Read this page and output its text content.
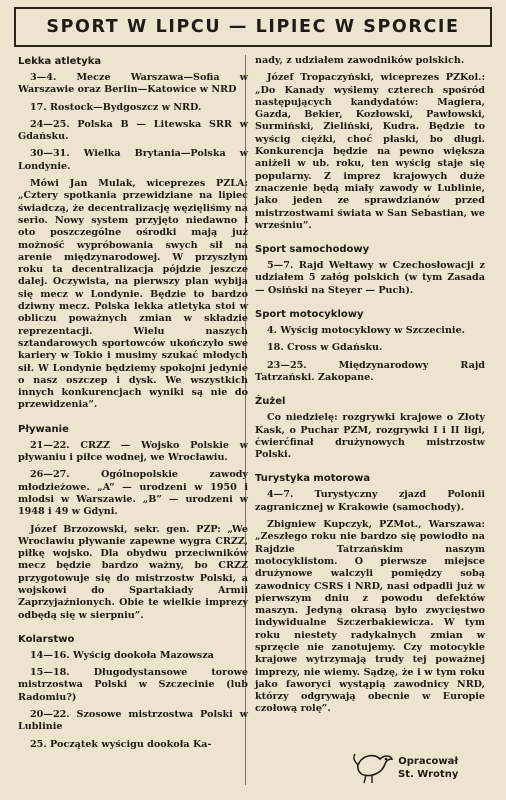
SPORT W LIPCU — LIPIEC W SPORCIE
Lekka atletyka

3—4. Mecze Warszawa—Sofia w Warszawie oraz Berlin—Katowice w NRD

17. Rostock—Bydgoszcz w NRD.

24—25. Polska B — Litewska SRR w Gdańsku.

30—31. Wielka Brytania—Polska w Londynie.

Mówi Jan Mulak, wiceprezes PZLA: „Cztery spotkania przewidziane na lipiec świadczą, że decentralizację węzięliśmy na serio. Nowy system przyjęto niedawno i oto poszczególne ośrodki mają już możność wypróbowania swych sił na arenie międzynarodowej. W przyszłym roku ta decentralizacja pójdzie jeszcze dalej. Oczywista, na pierwszy plan wybija się mecz w Londynie. Będzie to bardzo dziwny mecz. Polska lekka atletyka stoi w obliczu poważnych zmian w składzie reprezentacji. Wielu naszych sztandarowych sportowców ukończyło swe kariery w Tokio i musimy szukać młodych sił. W Londynie będziemy spokojni jedynie o nasz oszczep i dysk. We wszystkich innych konkurencjach wyniki są nie do przewidzenia”.

Pływanie

21—22. CRZZ — Wojsko Polskie w pływaniu i piłce wodnej, we Wrocławiu.

26—27. Ogólnopolskie zawody młodzieżowe. „A” — urodzeni w 1950 i młodsi w Warszawie. „B” — urodzeni w 1948 i 49 w Gdyni.

Józef Brzozowski, sekr. gen. PZP: „We Wrocławiu pływanie zapewne wygra CRZZ, piłkę wojsko. Dla obydwu przeciwników mecz będzie bardzo ważny, bo CRZZ przygotowuje się do mistrzostw Polski, a wojskowi do Spartakiady Armii Zaprzyjaźnionych. Obie te wielkie imprezy odbędą się w sierpniu”.

Kolarstwo

14—16. Wyścig dookoła Mazowsza

15—18. Długodystansowe torowe mistrzostwa Polski w Szczecinie (lub Radomiu?)

20—22. Szosowe mistrzostwa Polski w Lublinie

25. Początek wyścigu dookoła Ka-

nady, z udziałem zawodników polskich.

Józef Tropaczyński, wiceprezes PZKol.: „Do Kanady wyślemy czterech spośród następujących kandydatów: Magiera, Gazda, Bekier, Kozłowski, Pawłowski, Surmiński, Zieliński, Kudra. Będzie to wyścig ciężki, choć płaski, bo długi. Konkurencja będzie na pewno większa aniżeli w ub. roku, ten wyścig staje się popularny. Z imprez krajowych duże znaczenie będą miały zawody w Lublinie, jako jeden ze sprawdzianów przed mistrzostwami świata w San Sebastian, we wrześniu”.

Sport samochodowy

5—7. Rajd Wełtawy w Czechosłowacji z udziałem 5 załóg polskich (w tym Zasada — Osiński na Steyer — Puch).

Sport motocyklowy

4. Wyścig motocyklowy w Szczecinie.

18. Cross w Gdańsku.

23—25. Międzynarodowy Rajd Tatrzański. Zakopane.

Żużel

Co niedzielę: rozgrywki krajowe o Złoty Kask, o Puchar PZM, rozgrywki I i II ligi, ćwierćfinał drużynowych mistrzostw Polski.

Turystyka motorowa

4—7. Turystyczny zjazd Polonii zagranicznej w Krakowie (samochody).

Zbigniew Kupczyk, PZMot., Warszawa: „Zeszłego roku nie bardzo się powiodło na Rajdzie Tatrzańskim naszym motocyklistom. O pierwsze miejsce drużynowe walczyli pomiędzy sobą zawodnicy CSRS i NRD, nasi odpadli już w pierwszym dniu z powodu defektów maszyn. Jedyną okrasą było zwycięstwo indywidualne Szczerbakiewicza. W tym roku niestety radykalnych zmian w sprzęcie nie zanotujemy. Czy motocykle krajowe wytrzymają trudy tej poważnej imprezy, nie wiemy. Sądzę, że i w tym roku jako faworyci wystąpią zawodnicy NRD, którzy odgrywają obecnie w Europie czołową rolę”.

Opracował
St. Wrotny
